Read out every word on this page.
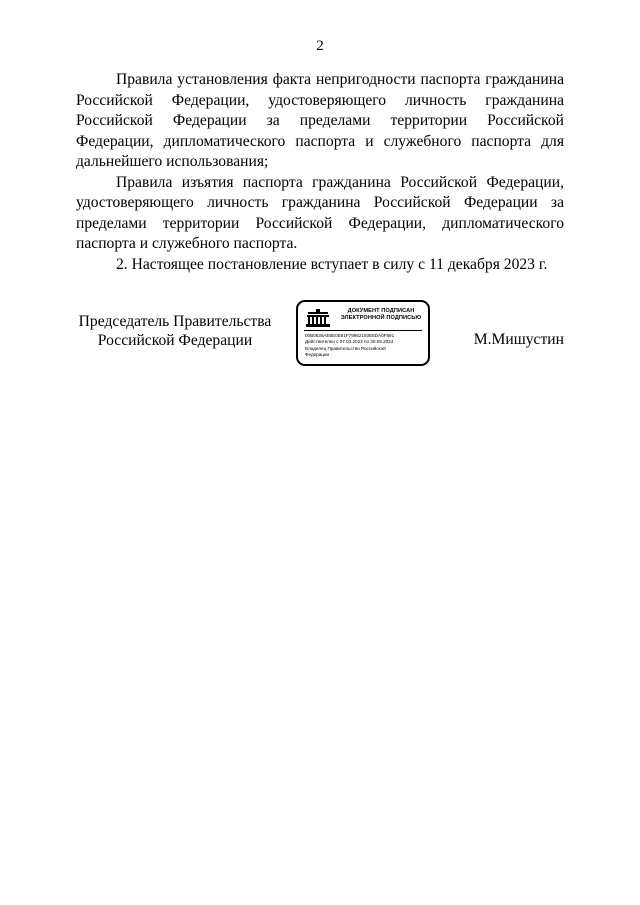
2

Правила установления факта непригодности паспорта гражданина Российской Федерации, удостоверяющего личность гражданина Российской Федерации за пределами территории Российской Федерации, дипломатического паспорта и служебного паспорта для дальнейшего использования;

Правила изъятия паспорта гражданина Российской Федерации, удостоверяющего личность гражданина Российской Федерации за пределами территории Российской Федерации, дипломатического паспорта и служебного паспорта.

2. Настоящее постановление вступает в силу с 11 декабря 2023 г.

Председатель Правительства
Российской Федерации
ДОКУМЕНТ ПОДПИСАН
ЭЛЕКТРОННОЙ ПОДПИСЬЮ
00B0636AE6E0E81F79962193E6DA0F891
Действителен с 07.03.2023 по 30.05.2024
Владелец Правительство Российской
Федерации
М.Мишустин
